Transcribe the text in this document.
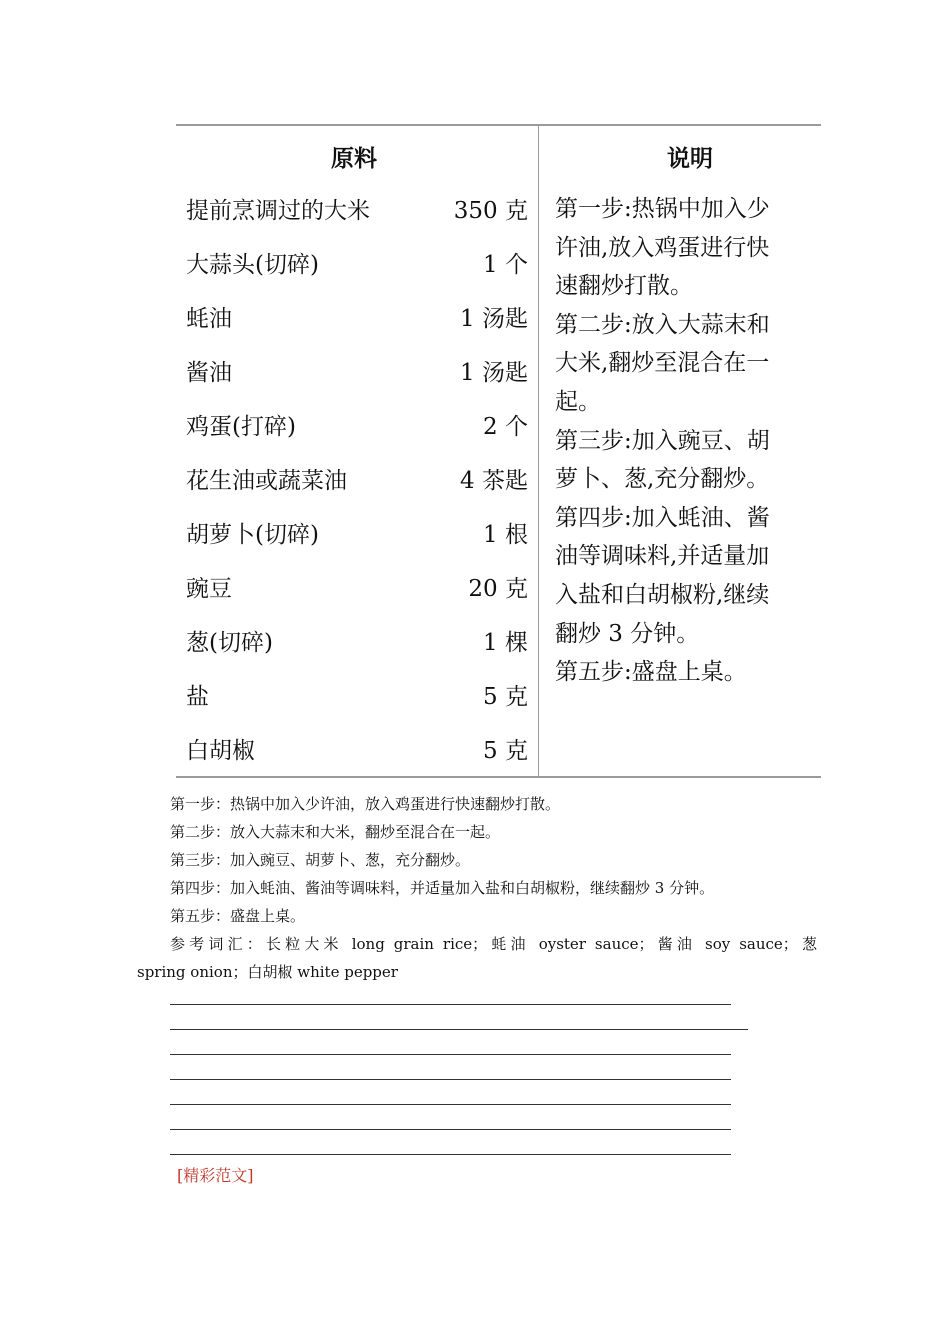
原料	说明
提前烹调过的大米	350 克
大蒜头(切碎)	1 个
蚝油	1 汤匙
酱油	1 汤匙
鸡蛋(打碎)	2 个
花生油或蔬菜油	4 茶匙
胡萝卜(切碎)	1 根
豌豆	20 克
葱(切碎)	1 棵
盐	5 克
白胡椒	5 克
第一步:热锅中加入少
许油,放入鸡蛋进行快
速翻炒打散。
第二步:放入大蒜末和
大米,翻炒至混合在一
起。
第三步:加入豌豆、胡
萝卜、葱,充分翻炒。
第四步:加入蚝油、酱
油等调味料,并适量加
入盐和白胡椒粉,继续
翻炒 3 分钟。
第五步:盛盘上桌。
第一步：热锅中加入少许油，放入鸡蛋进行快速翻炒打散。
第二步：放入大蒜末和大米，翻炒至混合在一起。
第三步：加入豌豆、胡萝卜、葱，充分翻炒。
第四步：加入蚝油、酱油等调味料，并适量加入盐和白胡椒粉，继续翻炒 3 分钟。
第五步：盛盘上桌。

参考词汇：长粒大米 long grain rice；蚝油 oyster sauce；酱油 soy sauce；葱

spring onion；白胡椒 white pepper

[精彩范文]
